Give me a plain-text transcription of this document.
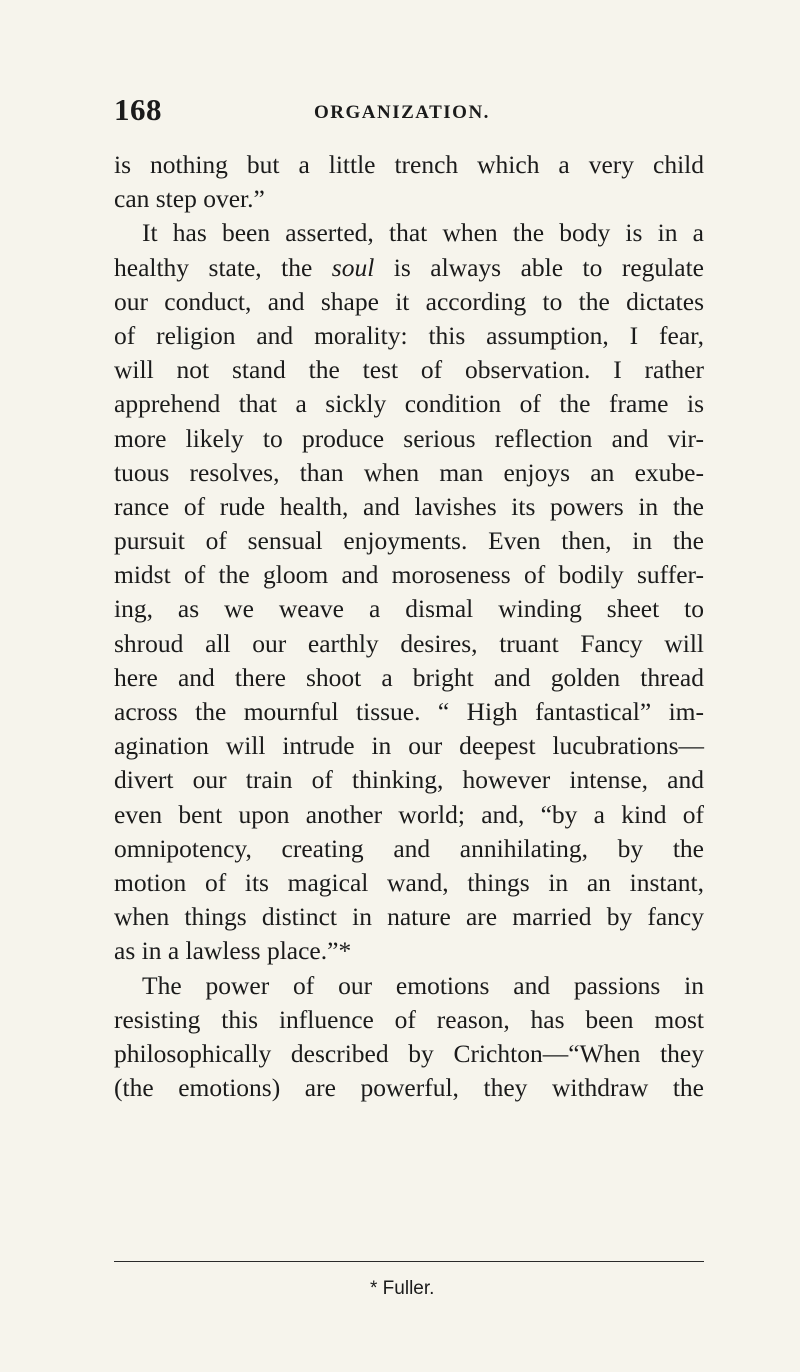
168	ORGANIZATION.
is nothing but a little trench which a very child
can step over.”
It has been asserted, that when the body is in a
healthy state, the soul is always able to regulate
our conduct, and shape it according to the dictates
of religion and morality: this assumption, I fear,
will not stand the test of observation. I rather
apprehend that a sickly condition of the frame is
more likely to produce serious reflection and vir-
tuous resolves, than when man enjoys an exube-
rance of rude health, and lavishes its powers in the
pursuit of sensual enjoyments. Even then, in the
midst of the gloom and moroseness of bodily suffer-
ing, as we weave a dismal winding sheet to
shroud all our earthly desires, truant Fancy will
here and there shoot a bright and golden thread
across the mournful tissue. “ High fantastical” im-
agination will intrude in our deepest lucubrations—
divert our train of thinking, however intense, and
even bent upon another world; and, “by a kind of
omnipotency, creating and annihilating, by the
motion of its magical wand, things in an instant,
when things distinct in nature are married by fancy
as in a lawless place.”*
The power of our emotions and passions in
resisting this influence of reason, has been most
philosophically described by Crichton—“When they
(the emotions) are powerful, they withdraw the
* Fuller.
